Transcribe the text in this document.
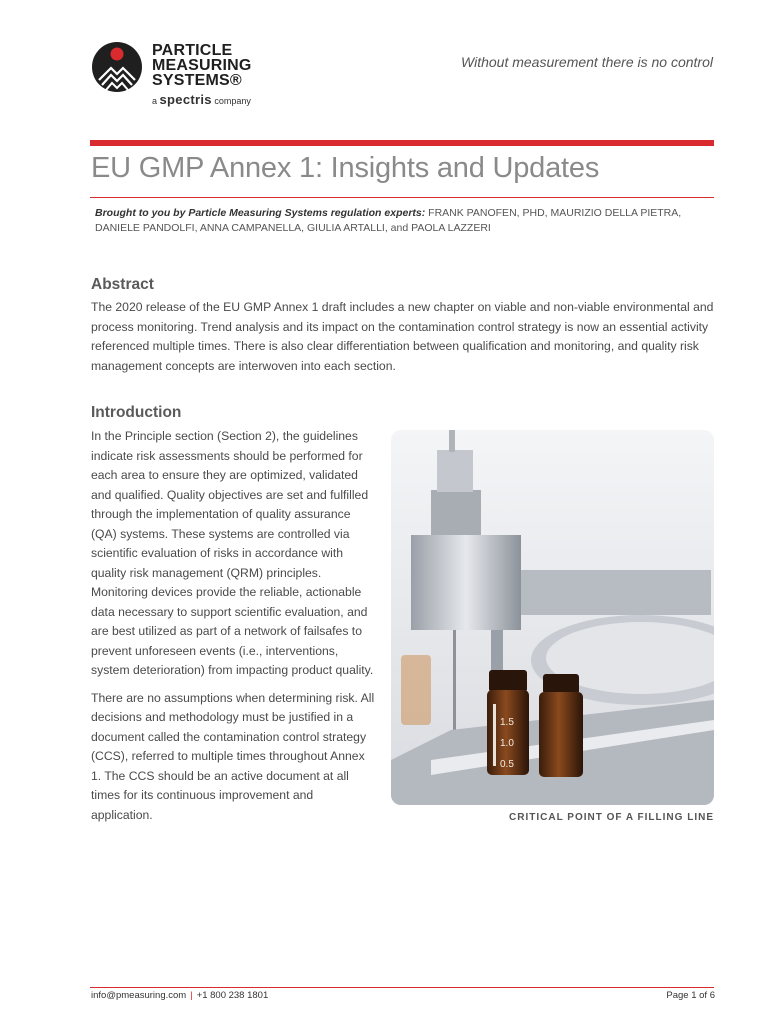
PARTICLE
MEASURING
SYSTEMS®
a spectris company
Without measurement there is no control
EU GMP Annex 1: Insights and Updates
Brought to you by Particle Measuring Systems regulation experts: FRANK PANOFEN, PHD, MAURIZIO DELLA PIETRA, DANIELE PANDOLFI, ANNA CAMPANELLA, GIULIA ARTALLI, and PAOLA LAZZERI
Abstract

The 2020 release of the EU GMP Annex 1 draft includes a new chapter on viable and non-viable environmental and process monitoring. Trend analysis and its impact on the contamination control strategy is now an essential activity referenced multiple times. There is also clear differentiation between qualification and monitoring, and quality risk management concepts are interwoven into each section.

Introduction

In the Principle section (Section 2), the guidelines indicate risk assessments should be performed for each area to ensure they are optimized, validated and qualified. Quality objectives are set and fulfilled through the implementation of quality assurance (QA) systems. These systems are controlled via scientific evaluation of risks in accordance with quality risk management (QRM) principles. Monitoring devices provide the reliable, actionable data necessary to support scientific evaluation, and are best utilized as part of a network of failsafes to prevent unforeseen events (i.e., interventions, system deterioration) from impacting product quality.

There are no assumptions when determining risk. All decisions and methodology must be justified in a document called the contamination control strategy (CCS), referred to multiple times throughout Annex 1. The CCS should be an active document at all times for its continuous improvement and application.

1.5
1.0
0.5
CRITICAL POINT OF A FILLING LINE
info@pmeasuring.com | +1 800 238 1801	Page 1 of 6
